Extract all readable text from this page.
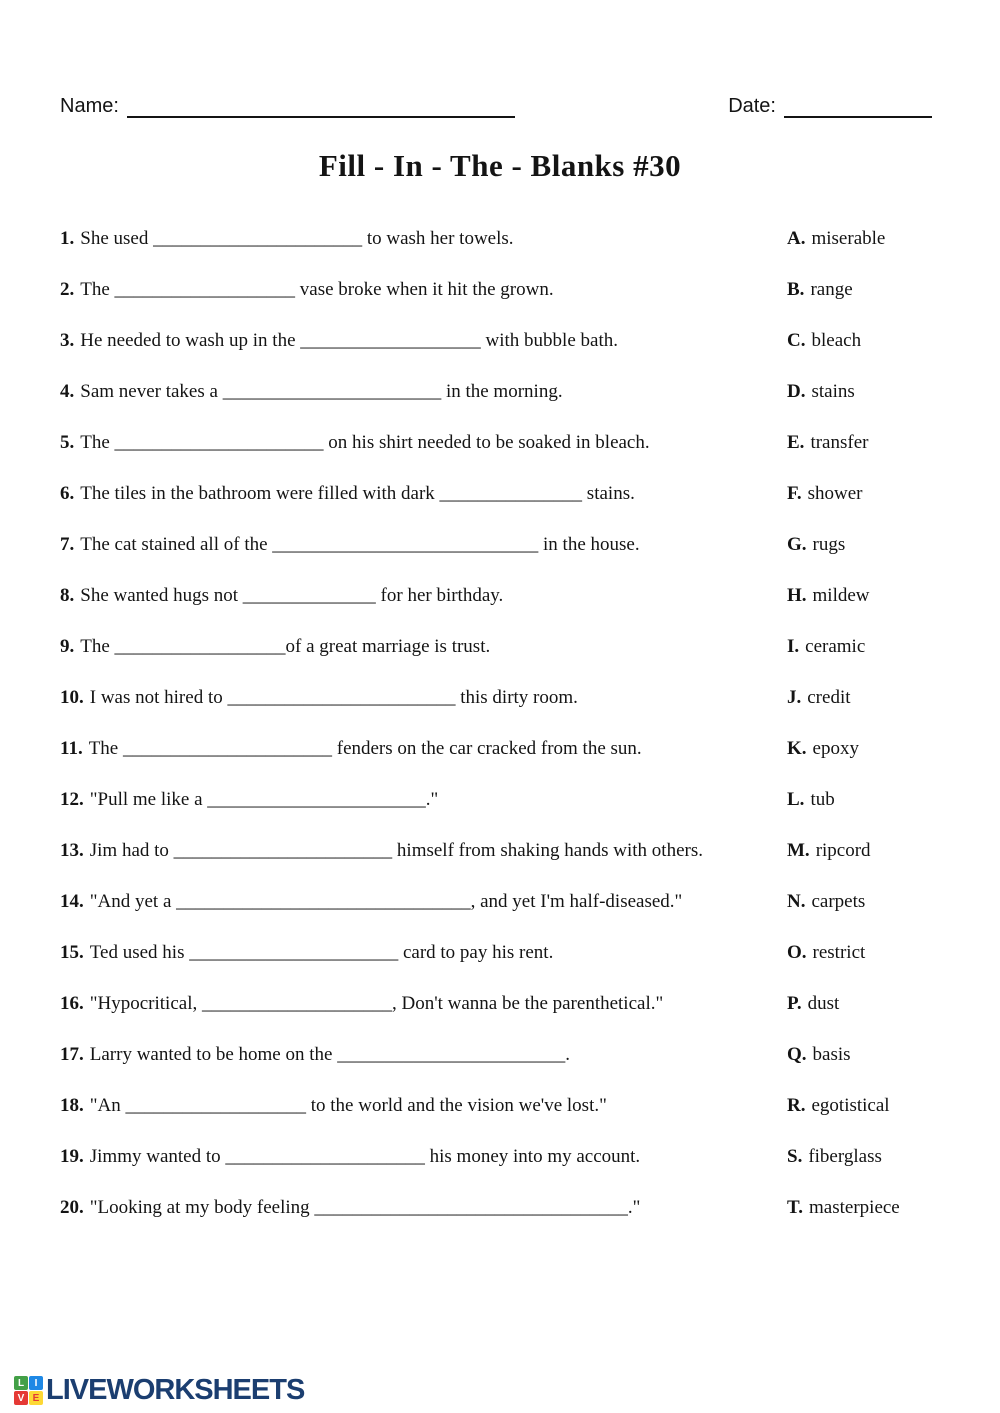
Name:	Date:
Fill - In - The - Blanks #30
1. She used ______________________ to wash her towels.	A. miserable
2. The ___________________ vase broke when it hit the grown.	B. range
3. He needed to wash up in the ___________________ with bubble bath.	C. bleach
4. Sam never takes a _______________________ in the morning.	D. stains
5. The ______________________ on his shirt needed to be soaked in bleach.	E. transfer
6. The tiles in the bathroom were filled with dark _______________ stains.	F. shower
7. The cat stained all of the ____________________________ in the house.	G. rugs
8. She wanted hugs not ______________ for her birthday.	H. mildew
9. The __________________of a great marriage is trust.	I. ceramic
10. I was not hired to ________________________ this dirty room.	J. credit
11. The ______________________ fenders on the car cracked from the sun.	K. epoxy
12. "Pull me like a _______________________."	L. tub
13. Jim had to _______________________ himself from shaking hands with others.	M. ripcord
14. "And yet a _______________________________, and yet I'm half-diseased."	N. carpets
15. Ted used his ______________________ card to pay his rent.	O. restrict
16. "Hypocritical, ____________________, Don't wanna be the parenthetical."	P. dust
17. Larry wanted to be home on the ________________________.	Q. basis
18. "An ___________________ to the world and the vision we've lost."	R. egotistical
19. Jimmy wanted to _____________________ his money into my account.	S. fiberglass
20. "Looking at my body feeling _________________________________."	T. masterpiece
L	I
V E LIVEWORKSHEETS
